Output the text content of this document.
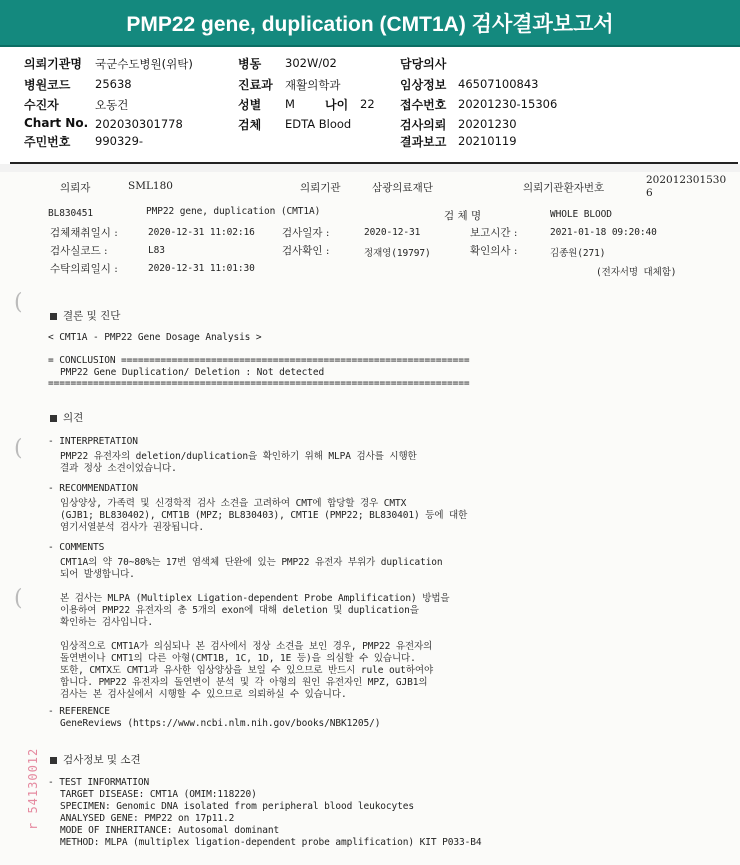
PMP22 gene, duplication (CMT1A) 검사결과보고서
의뢰기관명 국군수도병원(위탁)
병원코드 25638
수진자	오동건
Chart No. 202030301778
주민번호 990329-
병동 302W/02
진료과 재활의학과
성별 M	나이 22
검체 EDTA Blood
담당의사
임상정보 46507100843
접수번호 20201230-15306
검사의뢰 20201230
결과보고 20210119
(
(
(
의뢰자	SML180	의뢰기관	삼광의료재단	의뢰기관환자번호
202012301530
6
BL830451	PMP22 gene, duplication (CMT1A)	검 체 명	WHOLE BLOOD
검체채취일시 :	2020-12-31 11:02:16	검사일자 :	2020-12-31	보고시간 :	2021-01-18 09:20:40
검사실코드 :	L83	검사확인 :	정재영(19797)	확인의사 :	김종원(271)
수탁의뢰일시 :	2020-12-31 11:01:30	(전자서명 대체함)
결론 및 진단
< CMT1A - PMP22 Gene Dosage Analysis >
= CONCLUSION ==============================================================
PMP22 Gene Duplication/ Deletion : Not detected
===========================================================================
의견
- INTERPRETATION
PMP22 유전자의 deletion/duplication을 확인하기 위해 MLPA 검사를 시행한
결과 정상 소견이었습니다.
- RECOMMENDATION
임상양상, 가족력 및 신경학적 검사 소견을 고려하여 CMT에 합당할 경우 CMTX
(GJB1; BL830402), CMT1B (MPZ; BL830403), CMT1E (PMP22; BL830401) 등에 대한
염기서열분석 검사가 권장됩니다.
- COMMENTS
CMT1A의 약 70~80%는 17번 염색체 단완에 있는 PMP22 유전자 부위가 duplication
되어 발생합니다.
본 검사는 MLPA (Multiplex Ligation-dependent Probe Amplification) 방법을
이용하여 PMP22 유전자의 총 5개의 exon에 대해 deletion 및 duplication을
확인하는 검사입니다.
임상적으로 CMT1A가 의심되나 본 검사에서 정상 소견을 보인 경우, PMP22 유전자의
돌연변이나 CMT1의 다른 아형(CMT1B, 1C, 1D, 1E 등)을 의심할 수 있습니다.
또한, CMTX도 CMT1과 유사한 임상양상을 보일 수 있으므로 반드시 rule out하여야
합니다. PMP22 유전자의 돌연변이 분석 및 각 아형의 원인 유전자인 MPZ, GJB1의
검사는 본 검사실에서 시행할 수 있으므로 의뢰하실 수 있습니다.
- REFERENCE
GeneReviews (https://www.ncbi.nlm.nih.gov/books/NBK1205/)
검사정보 및 소견
- TEST INFORMATION
TARGET DISEASE: CMT1A (OMIM:118220)
SPECIMEN: Genomic DNA isolated from peripheral blood leukocytes
ANALYSED GENE: PMP22 on 17p11.2
MODE OF INHERITANCE: Autosomal dominant
METHOD: MLPA (multiplex ligation-dependent probe amplification) KIT P033-B4
r 54130012
